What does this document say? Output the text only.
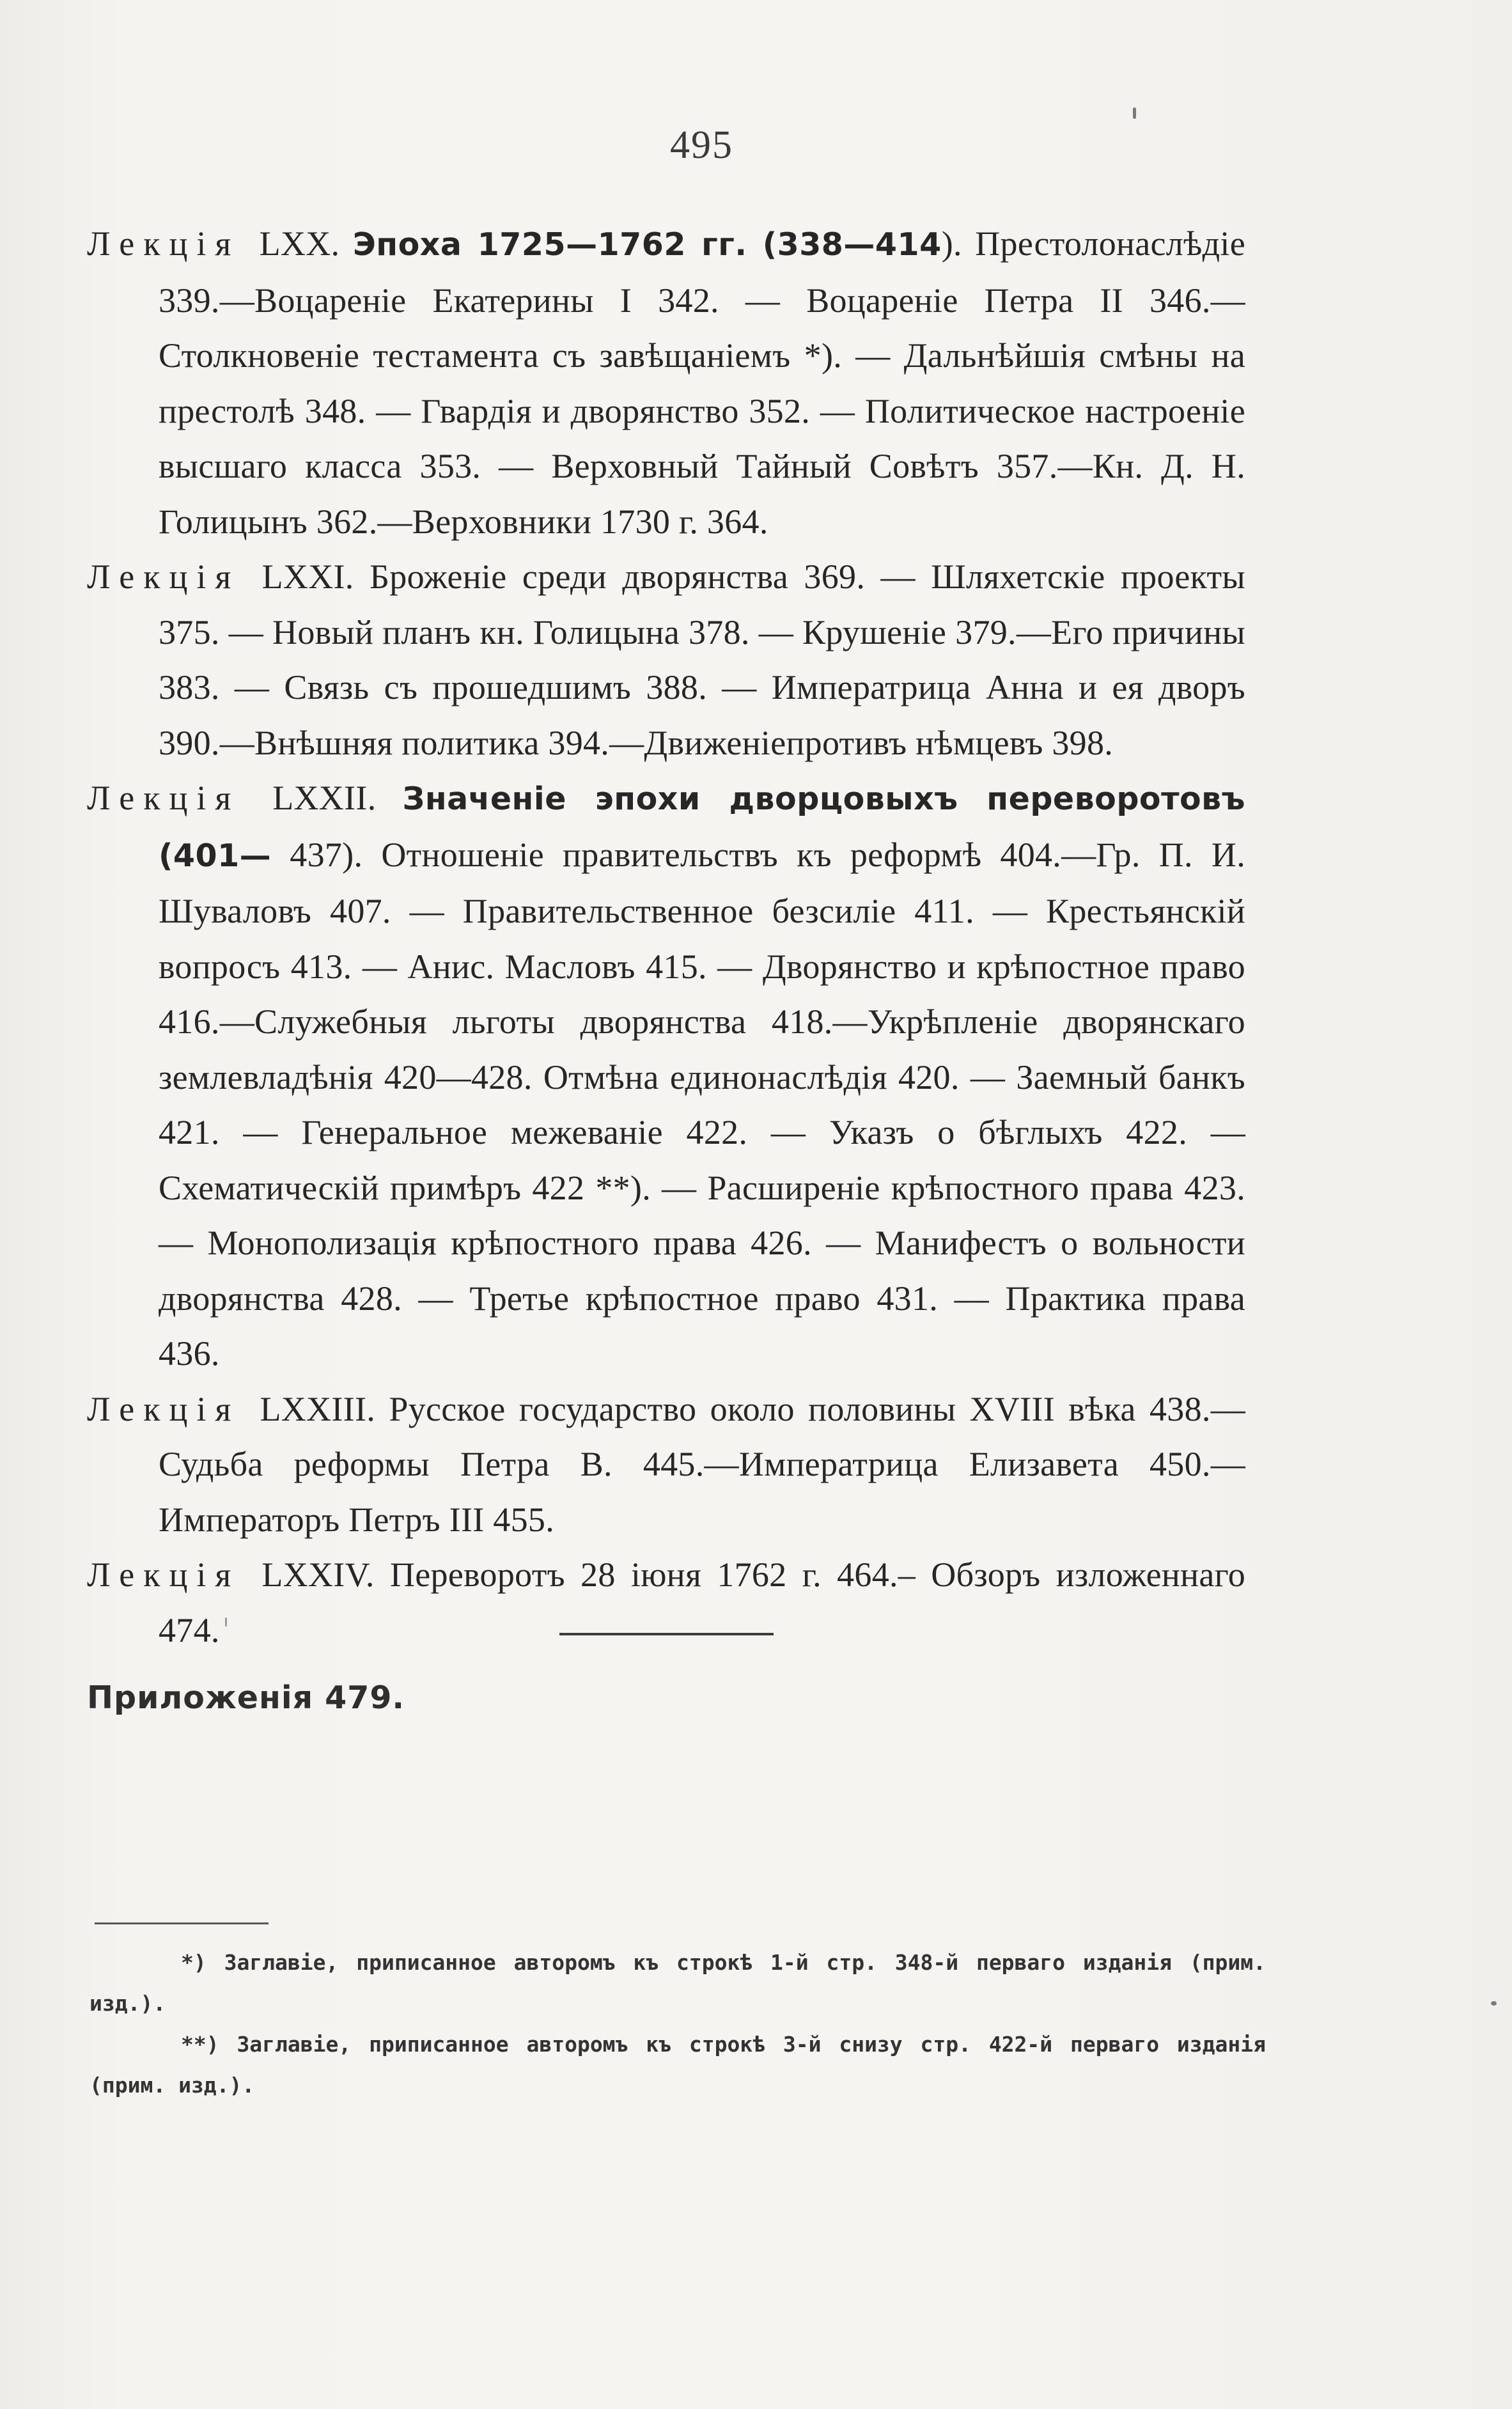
495

Лекція LXX. Эпоха 1725—1762 гг. (338—414). Престолонаслѣдіе 339.—Воцареніе Екатерины I 342. — Воцареніе Петра II 346.— Столкновеніе тестамента съ завѣщаніемъ *). — Дальнѣйшія смѣны на престолѣ 348. — Гвардія и дворянство 352. — Политическое настроеніе высшаго класса 353. — Верховный Тайный Совѣтъ 357.—Кн. Д. Н. Голицынъ 362.—Верховники 1730 г. 364.

Лекція LXXI. Броженіе среди дворянства 369. — Шляхетскіе проекты 375. — Новый планъ кн. Голицына 378. — Крушеніе 379.—Его причины 383. — Связь съ прошедшимъ 388. — Императрица Анна и ея дворъ 390.—Внѣшняя политика 394.—Движеніепротивъ нѣмцевъ 398.

Лекція LXXII. Значеніе эпохи дворцовыхъ переворотовъ (401— 437). Отношеніе правительствъ къ реформѣ 404.—Гр. П. И. Шуваловъ 407. — Правительственное безсиліе 411. — Крестьянскій вопросъ 413. — Анис. Масловъ 415. — Дворянство и крѣпостное право 416.—Служебныя льготы дворянства 418.—Укрѣпленіе дворянскаго землевладѣнія 420—428. Отмѣна единонаслѣдія 420. — Заемный банкъ 421. — Генеральное межеваніе 422. — Указъ о бѣглыхъ 422. — Схематическій примѣръ 422 **). — Расширеніе крѣпостного права 423. — Монополизація крѣпостного права 426. — Манифестъ о вольности дворянства 428. — Третье крѣпостное право 431. — Практика права 436.

Лекція LXXIII. Русское государство около половины XVIII вѣка 438.—Судьба реформы Петра В. 445.—Императрица Елизавета 450.—Императоръ Петръ III 455.

Лекція LXXIV. Переворотъ 28 іюня 1762 г. 464.– Обзоръ изложеннаго 474.

Приложенія 479.
*) Заглавіе, приписанное авторомъ къ строкѣ 1-й стр. 348-й перваго изданія (прим. изд.).
**) Заглавіе, приписанное авторомъ къ строкѣ 3-й снизу стр. 422-й перваго изданія (прим. изд.).
